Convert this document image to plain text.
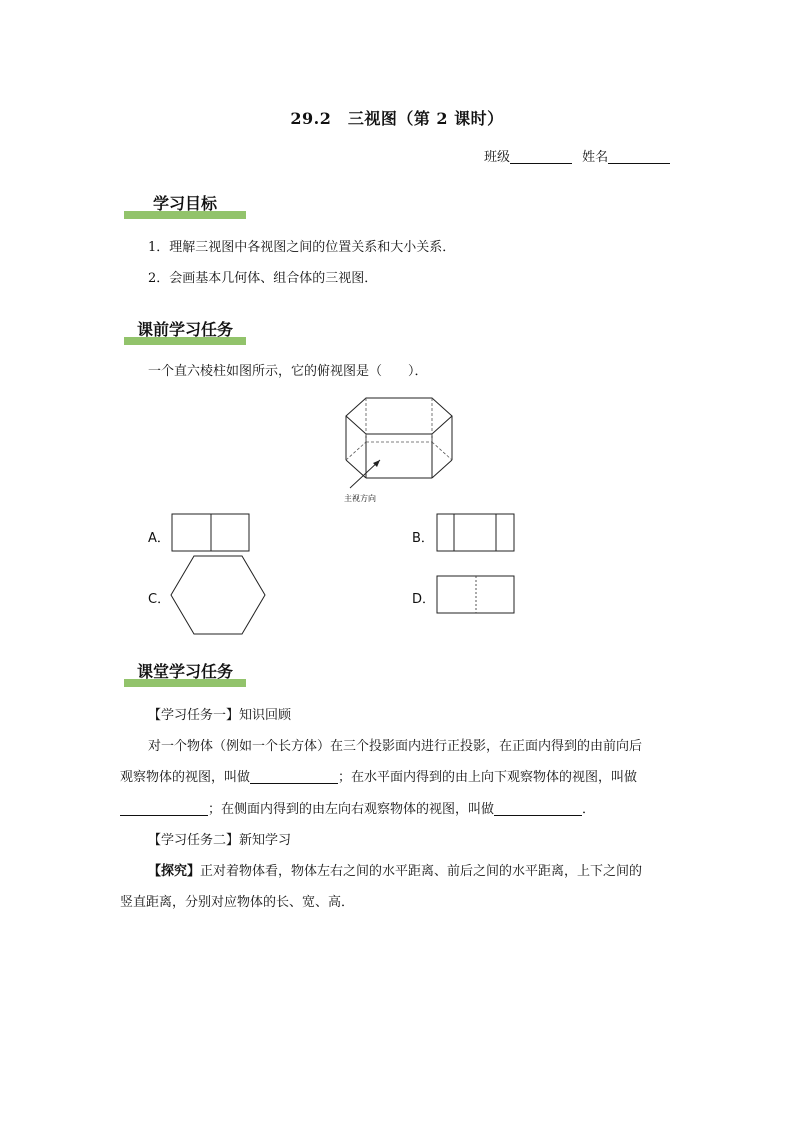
29.2　三视图（第 2 课时）
班级	姓名
学习目标
1．理解三视图中各视图之间的位置关系和大小关系．
2．会画基本几何体、组合体的三视图．
课前学习任务
一个直六棱柱如图所示，它的俯视图是（　　）．
主视方向
A．	B．
C．	D．
课堂学习任务
【学习任务一】知识回顾
对一个物体（例如一个长方体）在三个投影面内进行正投影，在正面内得到的由前向后
观察物体的视图，叫做	；在水平面内得到的由上向下观察物体的视图，叫做
；在侧面内得到的由左向右观察物体的视图，叫做	．
【学习任务二】新知学习
【探究】正对着物体看，物体左右之间的水平距离、前后之间的水平距离，上下之间的
竖直距离，分别对应物体的长、宽、高．
